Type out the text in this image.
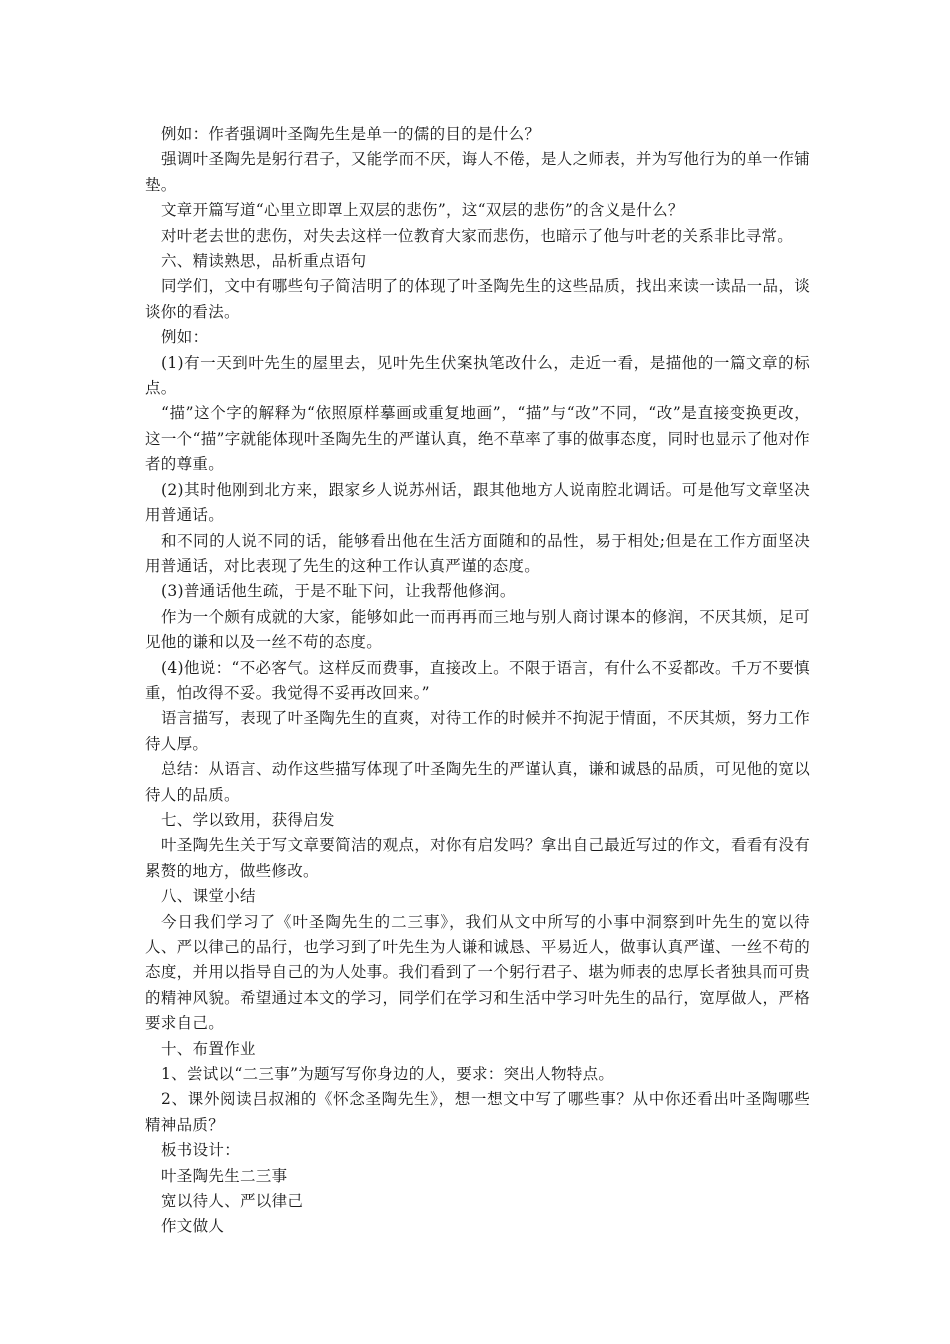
例如：作者强调叶圣陶先生是单一的儒的目的是什么？

强调叶圣陶先是躬行君子，又能学而不厌，诲人不倦，是人之师表，并为写他行为的单一作铺垫。

文章开篇写道“心里立即罩上双层的悲伤”，这“双层的悲伤”的含义是什么？

对叶老去世的悲伤，对失去这样一位教育大家而悲伤，也暗示了他与叶老的关系非比寻常。

六、精读熟思，品析重点语句

同学们，文中有哪些句子简洁明了的体现了叶圣陶先生的这些品质，找出来读一读品一品，谈谈你的看法。

例如：

(1)有一天到叶先生的屋里去，见叶先生伏案执笔改什么，走近一看，是描他的一篇文章的标点。

“描”这个字的解释为“依照原样摹画或重复地画”，“描”与“改”不同，“改”是直接变换更改，这一个“描”字就能体现叶圣陶先生的严谨认真，绝不草率了事的做事态度，同时也显示了他对作者的尊重。

(2)其时他刚到北方来，跟家乡人说苏州话，跟其他地方人说南腔北调话。可是他写文章坚决用普通话。

和不同的人说不同的话，能够看出他在生活方面随和的品性，易于相处;但是在工作方面坚决用普通话，对比表现了先生的这种工作认真严谨的态度。

(3)普通话他生疏，于是不耻下问，让我帮他修润。

作为一个颇有成就的大家，能够如此一而再再而三地与别人商讨课本的修润，不厌其烦，足可见他的谦和以及一丝不苟的态度。

(4)他说：“不必客气。这样反而费事，直接改上。不限于语言，有什么不妥都改。千万不要慎重，怕改得不妥。我觉得不妥再改回来。”

语言描写，表现了叶圣陶先生的直爽，对待工作的时候并不拘泥于情面，不厌其烦，努力工作待人厚。

总结：从语言、动作这些描写体现了叶圣陶先生的严谨认真，谦和诚恳的品质，可见他的宽以待人的品质。

七、学以致用，获得启发

叶圣陶先生关于写文章要简洁的观点，对你有启发吗？拿出自己最近写过的作文，看看有没有累赘的地方，做些修改。

八、课堂小结

今日我们学习了《叶圣陶先生的二三事》，我们从文中所写的小事中洞察到叶先生的宽以待人、严以律己的品行，也学习到了叶先生为人谦和诚恳、平易近人，做事认真严谨、一丝不苟的态度，并用以指导自己的为人处事。我们看到了一个躬行君子、堪为师表的忠厚长者独具而可贵的精神风貌。希望通过本文的学习，同学们在学习和生活中学习叶先生的品行，宽厚做人，严格要求自己。

十、布置作业

1、尝试以“二三事”为题写写你身边的人，要求：突出人物特点。

2、课外阅读吕叔湘的《怀念圣陶先生》，想一想文中写了哪些事？从中你还看出叶圣陶哪些精神品质？

板书设计：

叶圣陶先生二三事

宽以待人、严以律己

作文做人
